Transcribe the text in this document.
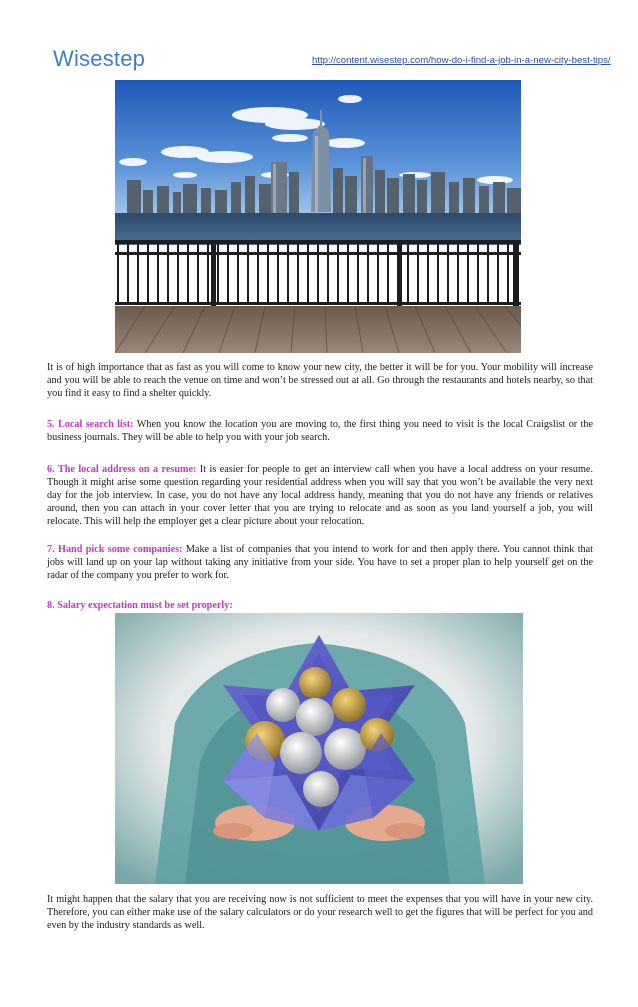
Wisestep	http://content.wisestep.com/how-do-i-find-a-job-in-a-new-city-best-tips/

It is of high importance that as fast as you will come to know your new city, the better it will be for you. Your mobility will increase and you will be able to reach the venue on time and won’t be stressed out at all. Go through the restaurants and hotels nearby, so that you find it easy to find a shelter quickly.

5. Local search list: When you know the location you are moving to, the first thing you need to visit is the local Craigslist or the business journals. They will be able to help you with your job search.

6. The local address on a resume: It is easier for people to get an interview call when you have a local address on your resume. Though it might arise some question regarding your residential address when you will say that you won’t be available the very next day for the job interview. In case, you do not have any local address handy, meaning that you do not have any friends or relatives around, then you can attach in your cover letter that you are trying to relocate and as soon as you land yourself a job, you will relocate. This will help the employer get a clear picture about your relocation.

7. Hand pick some companies: Make a list of companies that you intend to work for and then apply there. You cannot think that jobs will land up on your lap without taking any initiative from your side. You have to set a proper plan to help yourself get on the radar of the company you prefer to work for.

8. Salary expectation must be set properly:

It might happen that the salary that you are receiving now is not sufficient to meet the expenses that you will have in your new city. Therefore, you can either make use of the salary calculators or do your research well to get the figures that will be perfect for you and even by the industry standards as well.
